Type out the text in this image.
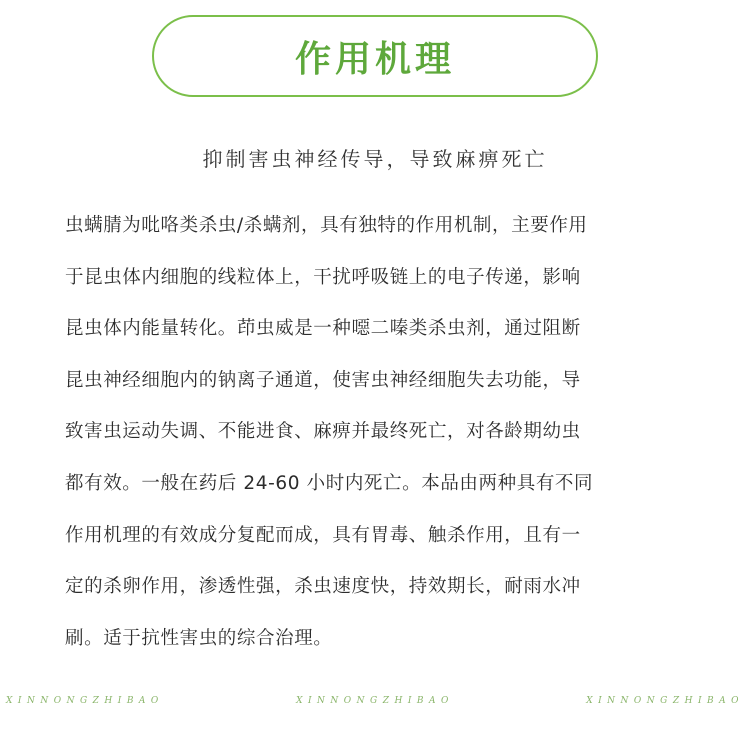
作用机理
抑制害虫神经传导，导致麻痹死亡
虫螨腈为吡咯类杀虫/杀螨剂，具有独特的作用机制，主要作用
于昆虫体内细胞的线粒体上，干扰呼吸链上的电子传递，影响
昆虫体内能量转化。茚虫威是一种噁二嗪类杀虫剂，通过阻断
昆虫神经细胞内的钠离子通道，使害虫神经细胞失去功能，导
致害虫运动失调、不能进食、麻痹并最终死亡，对各龄期幼虫
都有效。一般在药后 24-60 小时内死亡。本品由两种具有不同
作用机理的有效成分复配而成，具有胃毒、触杀作用，且有一
定的杀卵作用，渗透性强，杀虫速度快，持效期长，耐雨水冲
刷。适于抗性害虫的综合治理。
XINNONGZHIBAO	XINNONGZHIBAO	XINNONGZHIBAO
